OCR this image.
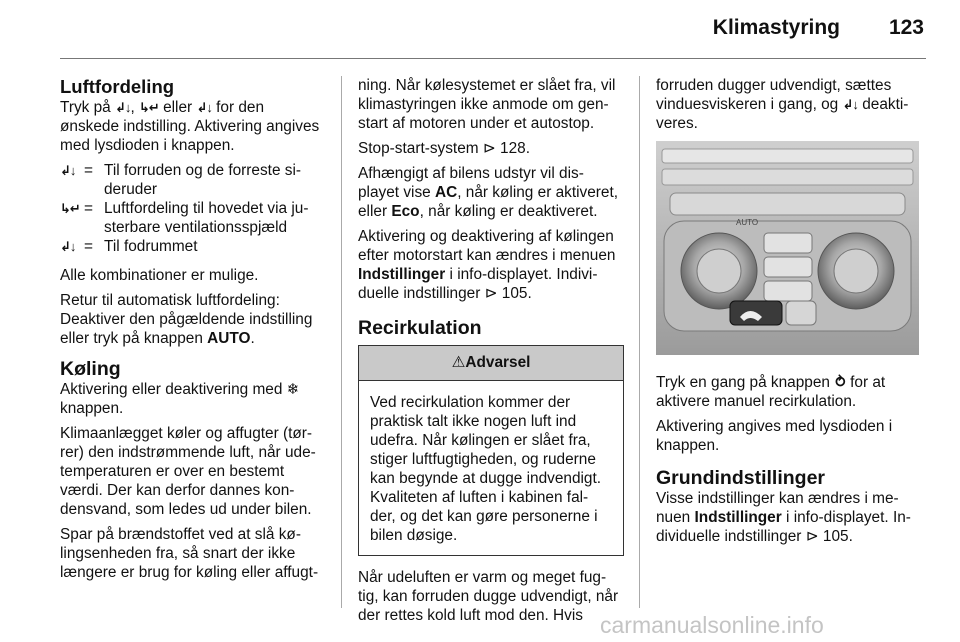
Klimastyring	123
Luftfordeling

Tryk på ↲↓, ↳↵ eller ↲↓ for den ønskede indstilling. Aktivering angives med lysdioden i knappen.

↲↓ = Til forruden og de forreste si-deruder
↳↵ = Luftfordeling til hovedet via ju-sterbare ventilationsspjæld
↲↓ = Til fodrummet

Alle kombinationer er mulige.

Retur til automatisk luftfordeling: Deaktiver den pågældende indstilling eller tryk på knappen AUTO.

Køling

Aktivering eller deaktivering med ❄ knappen.

Klimaanlægget køler og affugter (tør-rer) den indstrømmende luft, når ude-temperaturen er over en bestemt værdi. Der kan derfor dannes kon-densvand, som ledes ud under bilen.

Spar på brændstoffet ved at slå kø-lingsenheden fra, så snart der ikke længere er brug for køling eller affugt-

ning. Når kølesystemet er slået fra, vil klimastyringen ikke anmode om gen-start af motoren under et autostop.

Stop-start-system ⊳ 128.

Afhængigt af bilens udstyr vil dis-playet vise AC, når køling er aktiveret, eller Eco, når køling er deaktiveret.

Aktivering og deaktivering af kølingen efter motorstart kan ændres i menuen Indstillinger i info-displayet. Indivi-duelle indstillinger ⊳ 105.

Recirkulation
⚠Advarsel
Ved recirkulation kommer der praktisk talt ikke nogen luft ind udefra. Når kølingen er slået fra, stiger luftfugtigheden, og ruderne kan begynde at dugge indvendigt. Kvaliteten af luften i kabinen fal-der, og det kan gøre personerne i bilen døsige.

Når udeluften er varm og meget fug-tig, kan forruden dugge udvendigt, når der rettes kold luft mod den. Hvis

forruden dugger udvendigt, sættes vinduesviskeren i gang, og ↲↓ deakti-veres.

AUTO

Tryk en gang på knappen ⥁ for at aktivere manuel recirkulation.

Aktivering angives med lysdioden i knappen.

Grundindstillinger

Visse indstillinger kan ændres i me-nuen Indstillinger i info-displayet. In-dividuelle indstillinger ⊳ 105.

carmanualsonline.info
